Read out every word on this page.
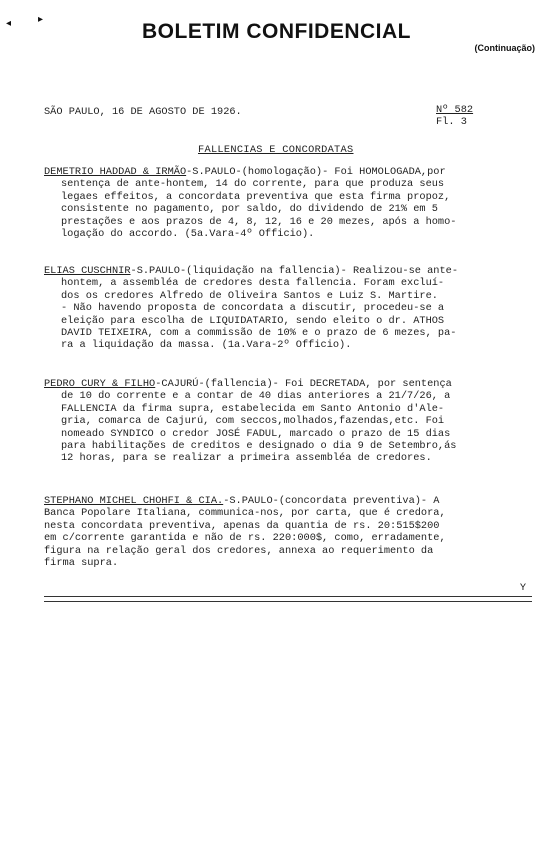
◂	▸
BOLETIM CONFIDENCIAL
(Continuação)
SÃO PAULO, 16 DE AGOSTO DE 1926.	Nº 582
Fl. 3
FALLENCIAS E CONCORDATAS
DEMETRIO HADDAD & IRMÃO-S.PAULO-(homologação)- Foi HOMOLOGADA,por
sentença de ante-hontem, 14 do corrente, para que produza seus
legaes effeitos, a concordata preventiva que esta firma propoz,
consistente no pagamento, por saldo, do dividendo de 21% em 5
prestações e aos prazos de 4, 8, 12, 16 e 20 mezes, após a homo-
logação do accordo. (5a.Vara-4º Officio).
ELIAS CUSCHNIR-S.PAULO-(liquidação na fallencia)- Realizou-se ante-
hontem, a assembléa de credores desta fallencia. Foram excluí-
dos os credores Alfredo de Oliveira Santos e Luiz S. Martire.
- Não havendo proposta de concordata a discutir, procedeu-se a
eleição para escolha de LIQUIDATARIO, sendo eleito o dr. ATHOS
DAVID TEIXEIRA, com a commissão de 10% e o prazo de 6 mezes, pa-
ra a liquidação da massa. (1a.Vara-2º Officio).
PEDRO CURY & FILHO-CAJURÚ-(fallencia)- Foi DECRETADA, por sentença
de 10 do corrente e a contar de 40 dias anteriores a 21/7/26, a
FALLENCIA da firma supra, estabelecida em Santo Antonio d'Ale-
gria, comarca de Cajurú, com seccos,molhados,fazendas,etc. Foi
nomeado SYNDICO o credor JOSÉ FADUL, marcado o prazo de 15 dias
para habilitações de creditos e designado o dia 9 de Setembro,ás
12 horas, para se realizar a primeira assembléa de credores.
STEPHANO MICHEL CHOHFI & CIA.-S.PAULO-(concordata preventiva)- A
Banca Popolare Italiana, communica-nos, por carta, que é credora,
nesta concordata preventiva, apenas da quantia de rs. 20:515$200
em c/corrente garantida e não de rs. 220:000$, como, erradamente,
figura na relação geral dos credores, annexa ao requerimento da
firma supra.
Y
